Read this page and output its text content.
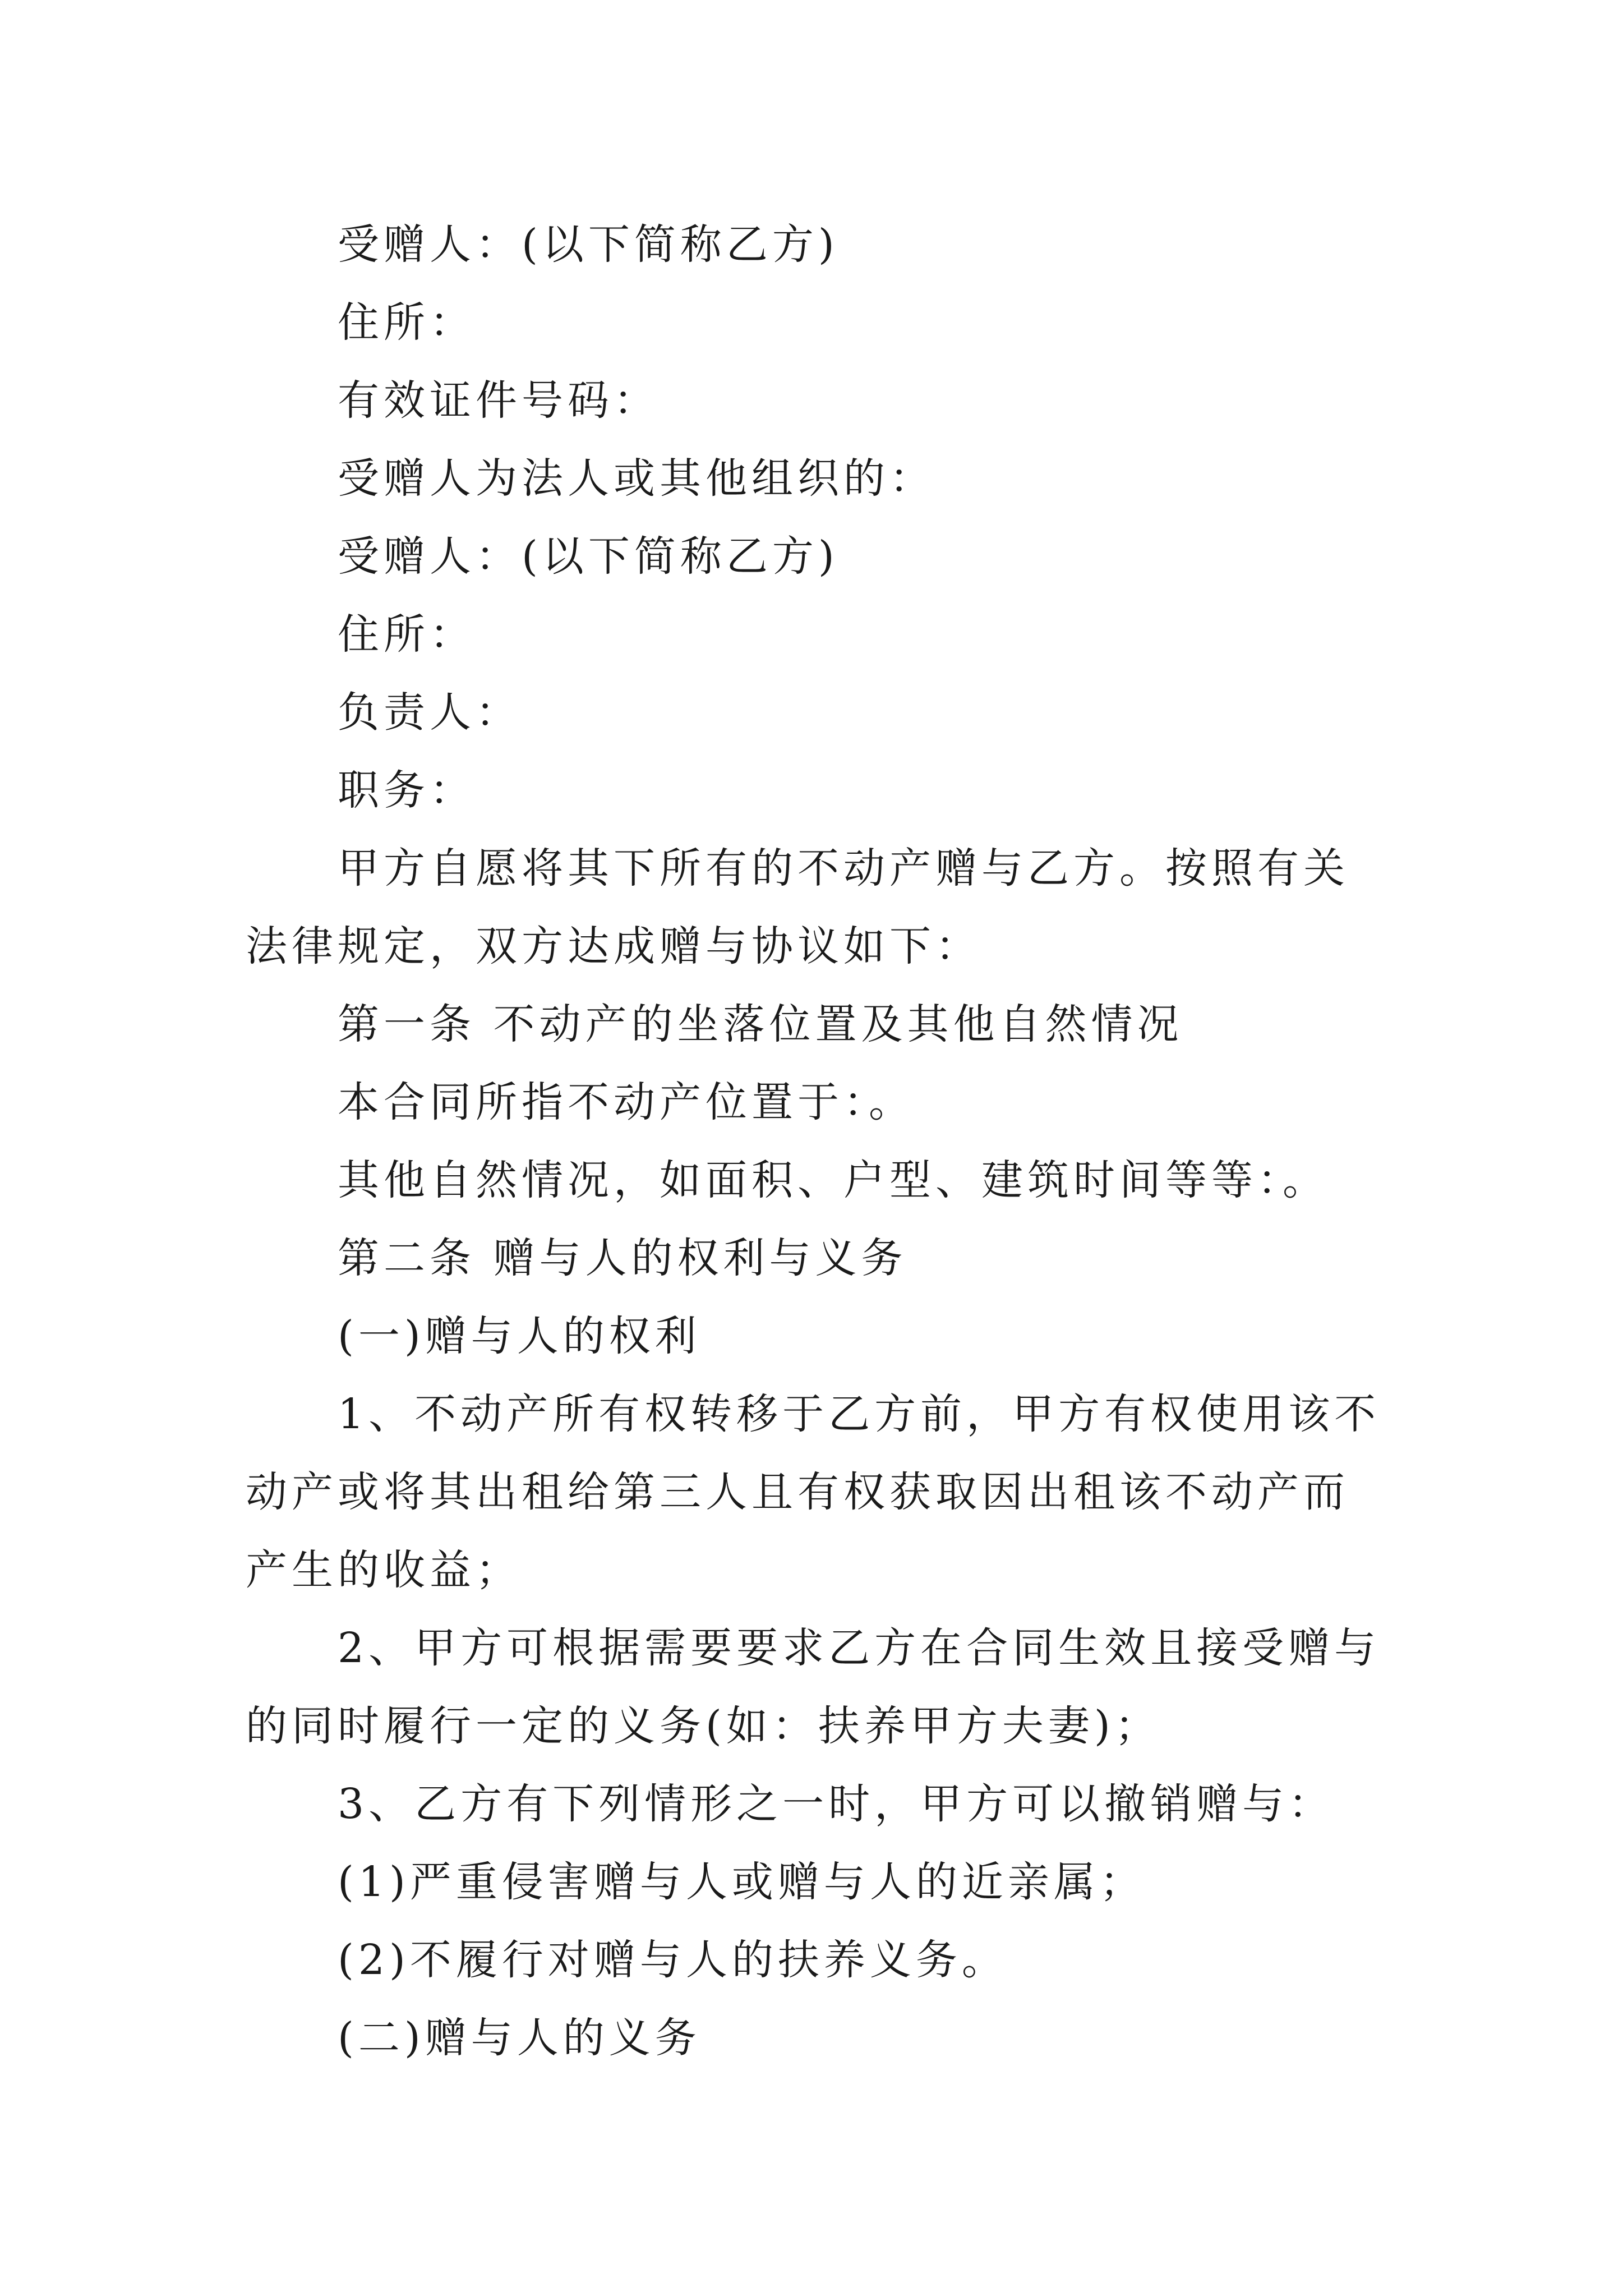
受赠人：(以下简称乙方)

住所：

有效证件号码：

受赠人为法人或其他组织的：

受赠人：(以下简称乙方)

住所：

负责人：

职务：

甲方自愿将其下所有的不动产赠与乙方。按照有关法律规定，双方达成赠与协议如下：

第一条 不动产的坐落位置及其他自然情况

本合同所指不动产位置于：。

其他自然情况，如面积、户型、建筑时间等等：。

第二条 赠与人的权利与义务

(一)赠与人的权利

1、不动产所有权转移于乙方前，甲方有权使用该不动产或将其出租给第三人且有权获取因出租该不动产而产生的收益；

2、甲方可根据需要要求乙方在合同生效且接受赠与的同时履行一定的义务(如：扶养甲方夫妻)；

3、乙方有下列情形之一时，甲方可以撤销赠与：

(1)严重侵害赠与人或赠与人的近亲属；

(2)不履行对赠与人的扶养义务。

(二)赠与人的义务
